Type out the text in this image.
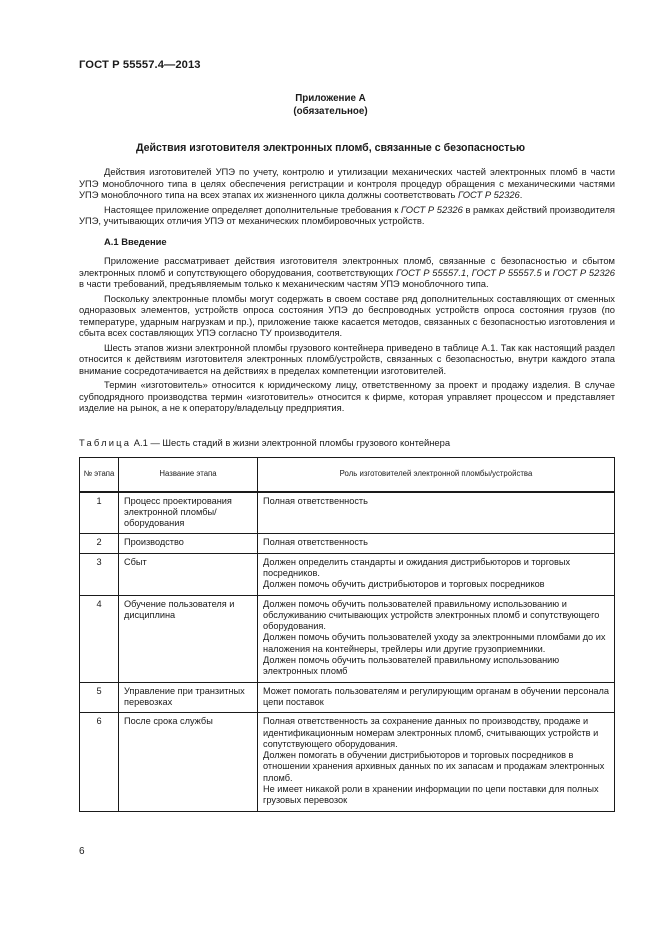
ГОСТ Р 55557.4—2013
Приложение А
(обязательное)
Действия изготовителя электронных пломб, связанные с безопасностью

Действия изготовителей УПЭ по учету, контролю и утилизации механических частей электронных пломб в части УПЭ моноблочного типа в целях обеспечения регистрации и контроля процедур обращения с механическими частями УПЭ моноблочного типа на всех этапах их жизненного цикла должны соответствовать ГОСТ Р 52326.

Настоящее приложение определяет дополнительные требования к ГОСТ Р 52326 в рамках действий производителя УПЭ, учитывающих отличия УПЭ от механических пломбировочных устройств.

А.1 Введение

Приложение рассматривает действия изготовителя электронных пломб, связанные с безопасностью и сбытом электронных пломб и сопутствующего оборудования, соответствующих ГОСТ Р 55557.1, ГОСТ Р 55557.5 и ГОСТ Р 52326 в части требований, предъявляемым только к механическим частям УПЭ моноблочного типа.

Поскольку электронные пломбы могут содержать в своем составе ряд дополнительных составляющих от сменных одноразовых элементов, устройств опроса состояния УПЭ до беспроводных устройств опроса состояния грузов (по температуре, ударным нагрузкам и пр.), приложение также касается методов, связанных с безопасностью изготовления и сбыта всех составляющих УПЭ согласно ТУ производителя.

Шесть этапов жизни электронной пломбы грузового контейнера приведено в таблице А.1. Так как настоящий раздел относится к действиям изготовителя электронных пломб/устройств, связанных с безопасностью, внутри каждого этапа внимание сосредотачивается на действиях в пределах компетенции изготовителей.

Термин «изготовитель» относится к юридическому лицу, ответственному за проект и продажу изделия. В случае субподрядного производства термин «изготовитель» относится к фирме, которая управляет процессом и представляет изделие на рынок, а не к оператору/владельцу предприятия.

Таблица А.1 — Шесть стадий в жизни электронной пломбы грузового контейнера
№ этапа	Название этапа	Роль изготовителей электронной пломбы/устройства
1	Процесс проектирования электронной пломбы/оборудования	Полная ответственность
2	Производство	Полная ответственность
3	Сбыт	Должен определить стандарты и ожидания дистрибьюторов и торговых посредников.
Должен помочь обучить дистрибьюторов и торговых посредников
4	Обучение пользователя и дисциплина	Должен помочь обучить пользователей правильному использованию и обслуживанию считывающих устройств электронных пломб и сопутствующего оборудования.
Должен помочь обучить пользователей уходу за электронными пломбами до их наложения на контейнеры, трейлеры или другие грузоприемники.
Должен помочь обучить пользователей правильному использованию электронных пломб
5	Управление при транзитных перевозках	Может помогать пользователям и регулирующим органам в обучении персонала цепи поставок
6	После срока службы	Полная ответственность за сохранение данных по производству, продаже и идентификационным номерам электронных пломб, считывающих устройств и сопутствующего оборудования.
Должен помогать в обучении дистрибьюторов и торговых посредников в отношении хранения архивных данных по их запасам и продажам электронных пломб.
Не имеет никакой роли в хранении информации по цепи поставки для полных грузовых перевозок
6
